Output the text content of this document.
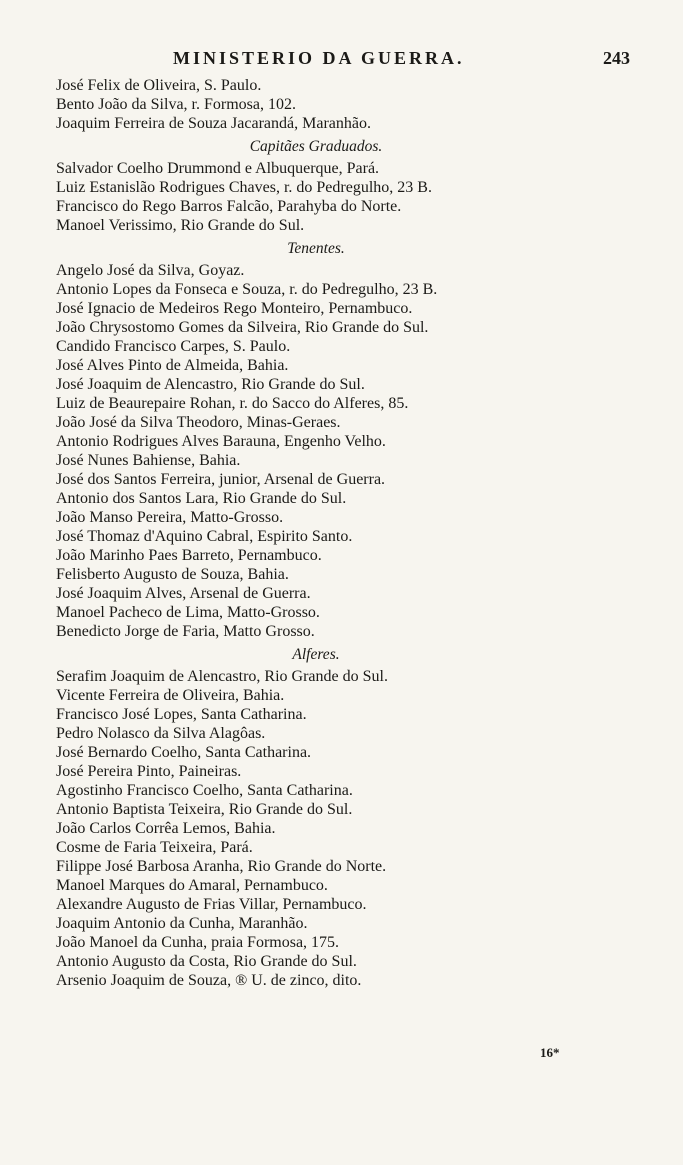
MINISTERIO DA GUERRA.	243
José Felix de Oliveira, S. Paulo.
Bento João da Silva, r. Formosa, 102.
Joaquim Ferreira de Souza Jacarandá, Maranhão.
Capitães Graduados.
Salvador Coelho Drummond e Albuquerque, Pará.
Luiz Estanislão Rodrigues Chaves, r. do Pedregulho, 23 B.
Francisco do Rego Barros Falcão, Parahyba do Norte.
Manoel Verissimo, Rio Grande do Sul.
Tenentes.
Angelo José da Silva, Goyaz.
Antonio Lopes da Fonseca e Souza, r. do Pedregulho, 23 B.
José Ignacio de Medeiros Rego Monteiro, Pernambuco.
João Chrysostomo Gomes da Silveira, Rio Grande do Sul.
Candido Francisco Carpes, S. Paulo.
José Alves Pinto de Almeida, Bahia.
José Joaquim de Alencastro, Rio Grande do Sul.
Luiz de Beaurepaire Rohan, r. do Sacco do Alferes, 85.
João José da Silva Theodoro, Minas-Geraes.
Antonio Rodrigues Alves Barauna, Engenho Velho.
José Nunes Bahiense, Bahia.
José dos Santos Ferreira, junior, Arsenal de Guerra.
Antonio dos Santos Lara, Rio Grande do Sul.
João Manso Pereira, Matto-Grosso.
José Thomaz d'Aquino Cabral, Espirito Santo.
João Marinho Paes Barreto, Pernambuco.
Felisberto Augusto de Souza, Bahia.
José Joaquim Alves, Arsenal de Guerra.
Manoel Pacheco de Lima, Matto-Grosso.
Benedicto Jorge de Faria, Matto Grosso.
Alferes.
Serafim Joaquim de Alencastro, Rio Grande do Sul.
Vicente Ferreira de Oliveira, Bahia.
Francisco José Lopes, Santa Catharina.
Pedro Nolasco da Silva Alagôas.
José Bernardo Coelho, Santa Catharina.
José Pereira Pinto, Paineiras.
Agostinho Francisco Coelho, Santa Catharina.
Antonio Baptista Teixeira, Rio Grande do Sul.
João Carlos Corrêa Lemos, Bahia.
Cosme de Faria Teixeira, Pará.
Filippe José Barbosa Aranha, Rio Grande do Norte.
Manoel Marques do Amaral, Pernambuco.
Alexandre Augusto de Frias Villar, Pernambuco.
Joaquim Antonio da Cunha, Maranhão.
João Manoel da Cunha, praia Formosa, 175.
Antonio Augusto da Costa, Rio Grande do Sul.
Arsenio Joaquim de Souza, ® U. de zinco, dito.
16*
